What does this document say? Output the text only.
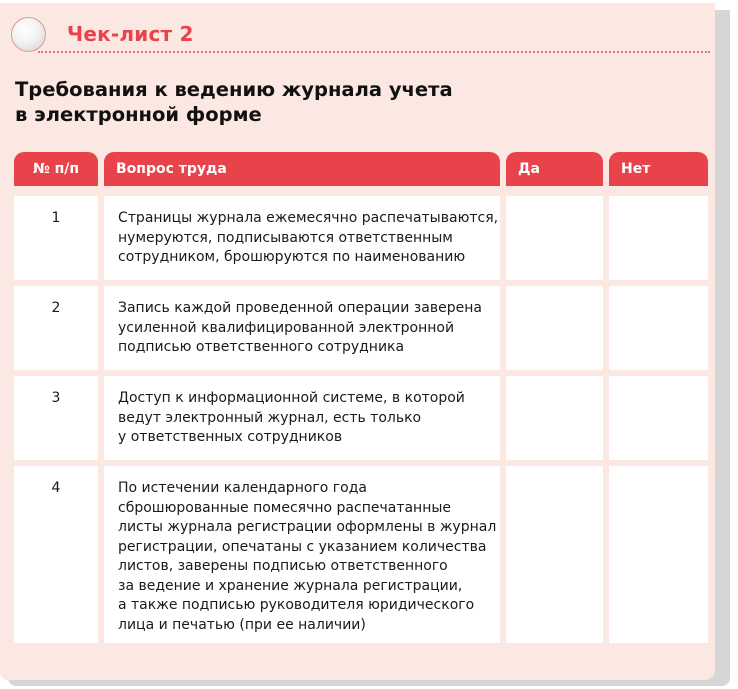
Чек-лист 2
Требования к ведению журнала учета
в электронной форме
№ п/п	Вопрос труда	Да	Нет
1	Страницы журнала ежемесячно распечатываются,
нумеруются, подписываются ответственным
сотрудником, брошюруются по наименованию
2	Запись каждой проведенной операции заверена
усиленной квалифицированной электронной
подписью ответственного сотрудника
3	Доступ к информационной системе, в которой
ведут электронный журнал, есть только
у ответственных сотрудников
4	По истечении календарного года
сброшюрованные помесячно распечатанные
листы журнала регистрации оформлены в журнал
регистрации, опечатаны с указанием количества
листов, заверены подписью ответственного
за ведение и хранение журнала регистрации,
а также подписью руководителя юридического
лица и печатью (при ее наличии)
